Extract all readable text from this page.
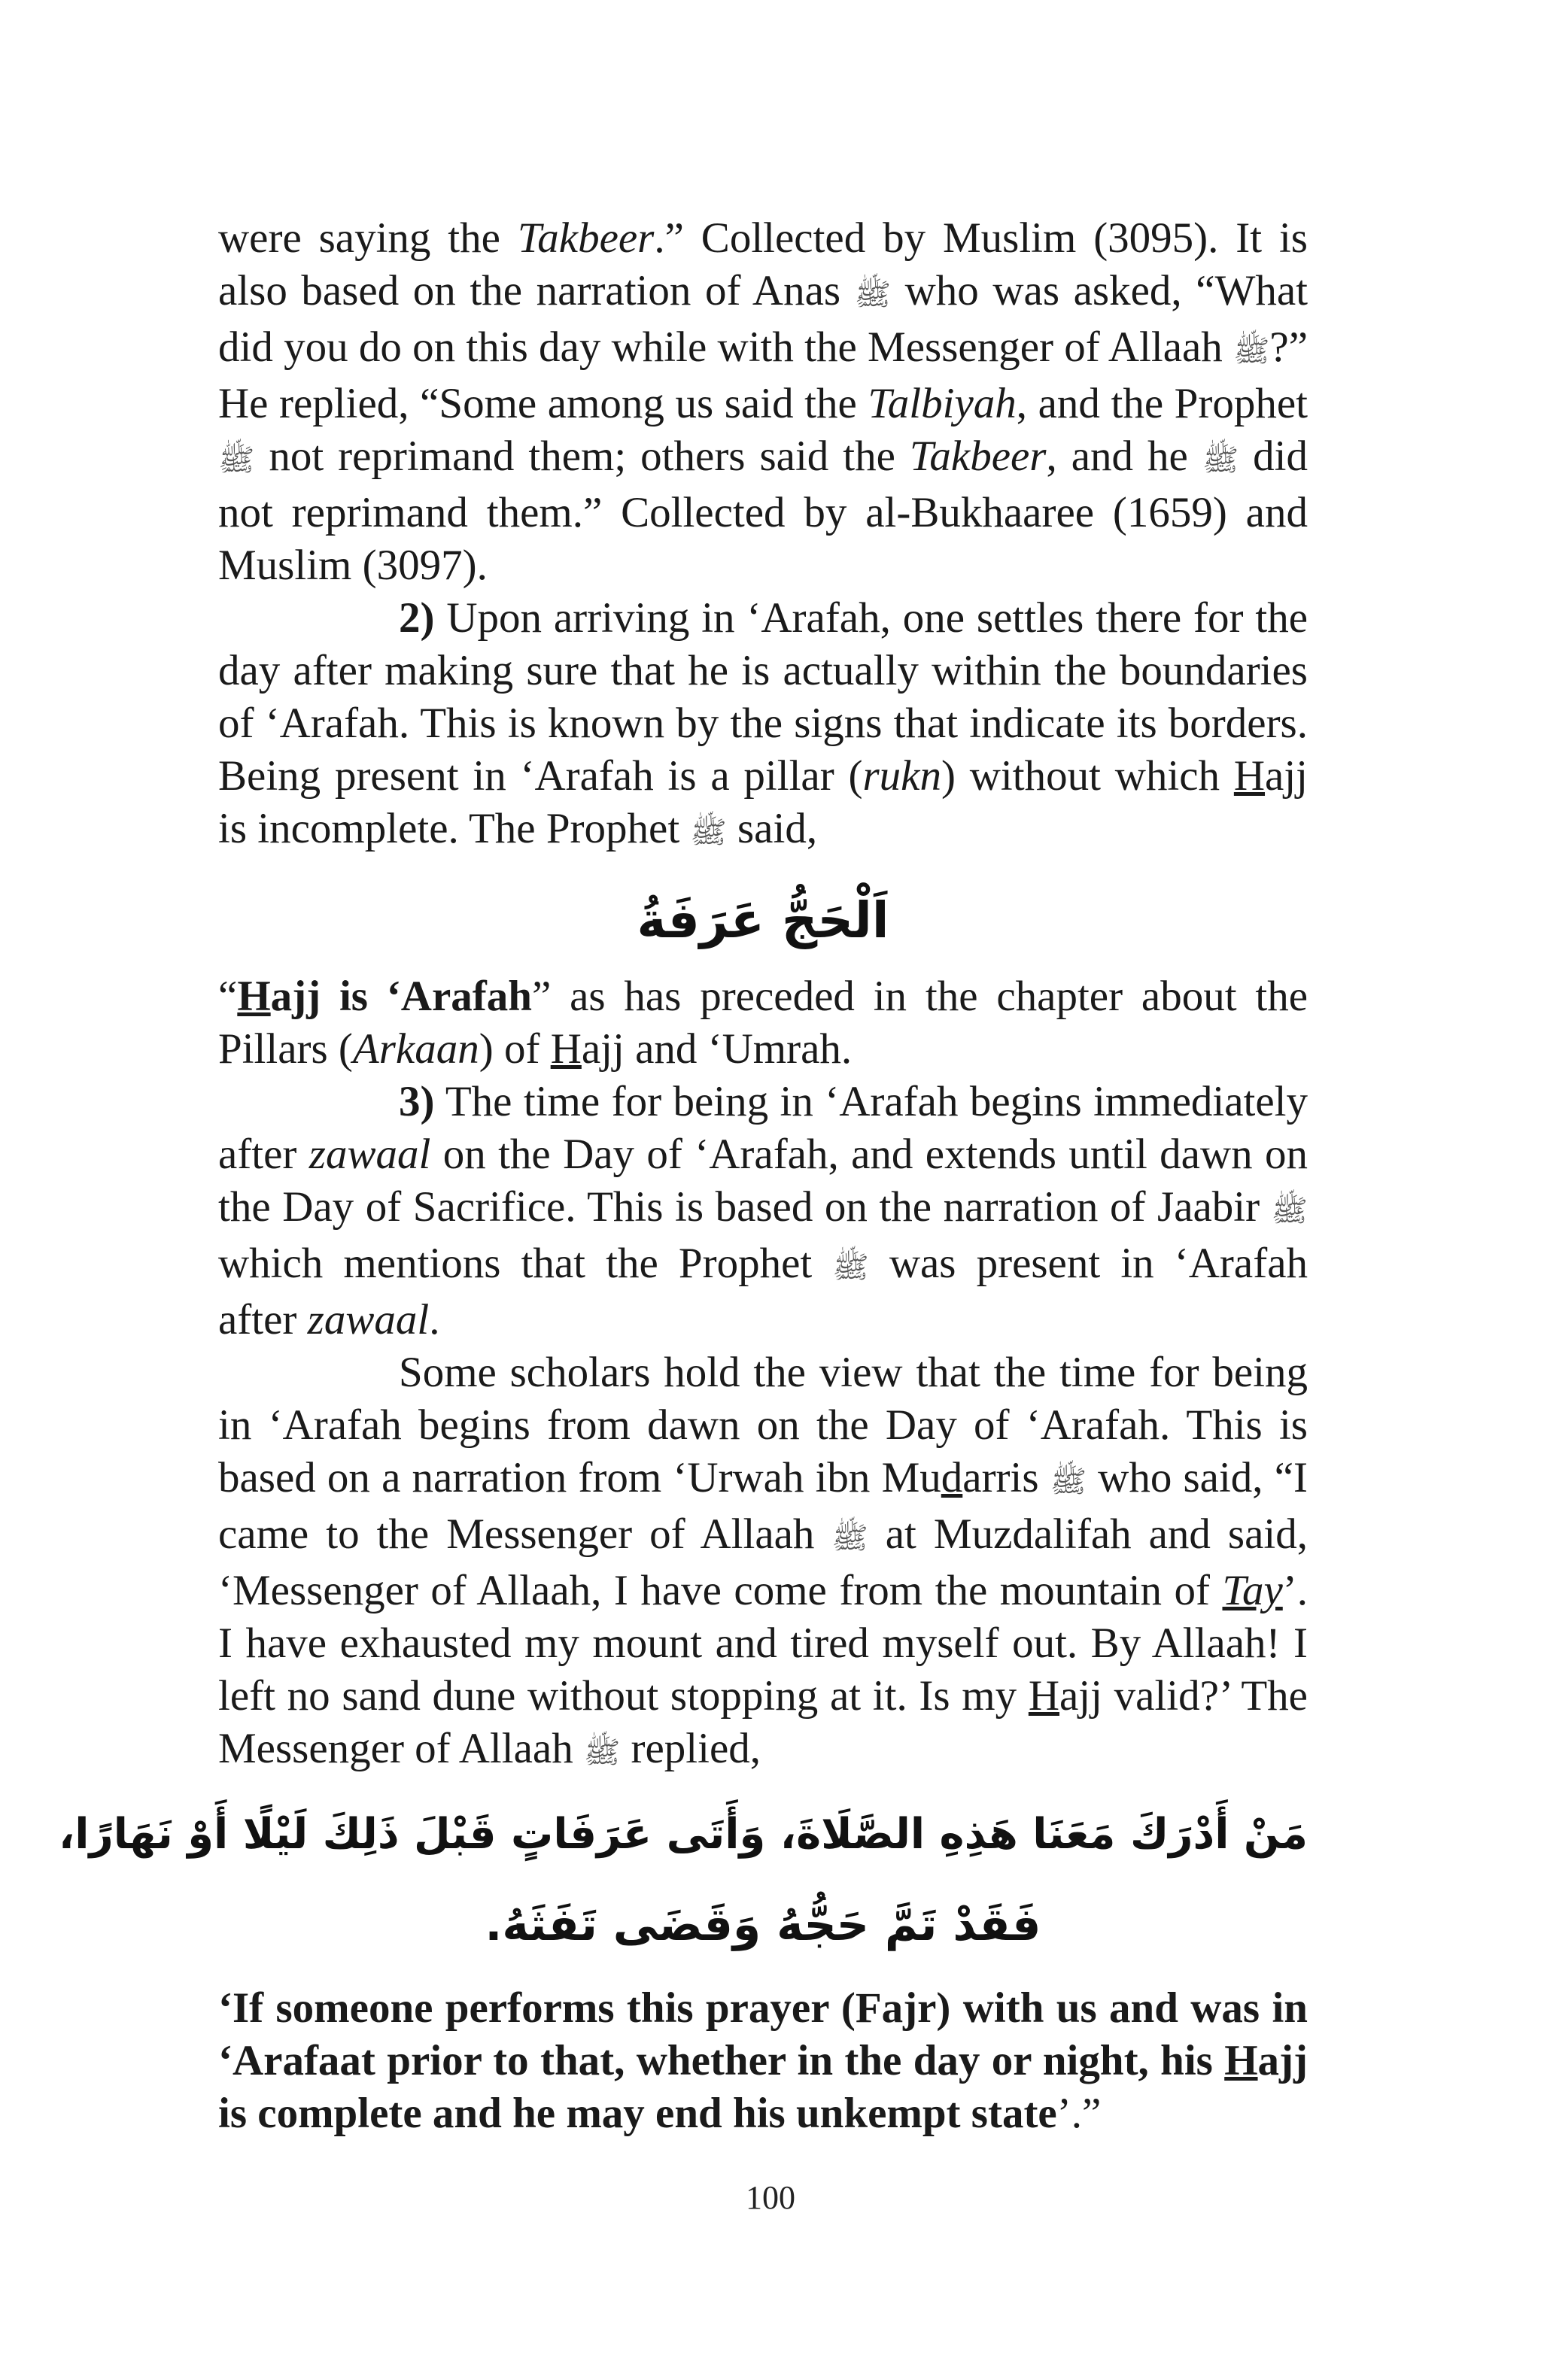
were saying the Takbeer.” Collected by Muslim (3095). It is also based on the narration of Anas ﷺ who was asked, “What did you do on this day while with the Messenger of Allaah ﷺ?” He replied, “Some among us said the Talbiyah, and the Prophet ﷺ not reprimand them; others said the Takbeer, and he ﷺ did not reprimand them.” Collected by al-Bukhaaree (1659) and Muslim (3097).

2) Upon arriving in ‘Arafah, one settles there for the day after making sure that he is actually within the boundaries of ‘Arafah. This is known by the signs that indicate its borders. Being present in ‘Arafah is a pillar (rukn) without which Hajj is incomplete. The Prophet ﷺ said,

اَلْحَجُّ عَرَفَةُ

“Hajj is ‘Arafah” as has preceded in the chapter about the Pillars (Arkaan) of Hajj and ‘Umrah.

3) The time for being in ‘Arafah begins immediately after zawaal on the Day of ‘Arafah, and extends until dawn on the Day of Sacrifice. This is based on the narration of Jaabir ﷺ which mentions that the Prophet ﷺ was present in ‘Arafah after zawaal.

Some scholars hold the view that the time for being in ‘Arafah begins from dawn on the Day of ‘Arafah. This is based on a narration from ‘Urwah ibn Mudarris ﷺ who said, “I came to the Messenger of Allaah ﷺ at Muzdalifah and said, ‘Messenger of Allaah, I have come from the mountain of Tay’. I have exhausted my mount and tired myself out. By Allaah! I left no sand dune without stopping at it. Is my Hajj valid?’ The Messenger of Allaah ﷺ replied,

مَنْ أَدْرَكَ مَعَنَا هَذِهِ الصَّلَاةَ، وَأَتَى عَرَفَاتٍ قَبْلَ ذَلِكَ لَيْلًا أَوْ نَهَارًا،

فَقَدْ تَمَّ حَجُّهُ وَقَضَى تَفَثَهُ.

‘If someone performs this prayer (Fajr) with us and was in ‘Arafaat prior to that, whether in the day or night, his Hajj is complete and he may end his unkempt state’.”

100
